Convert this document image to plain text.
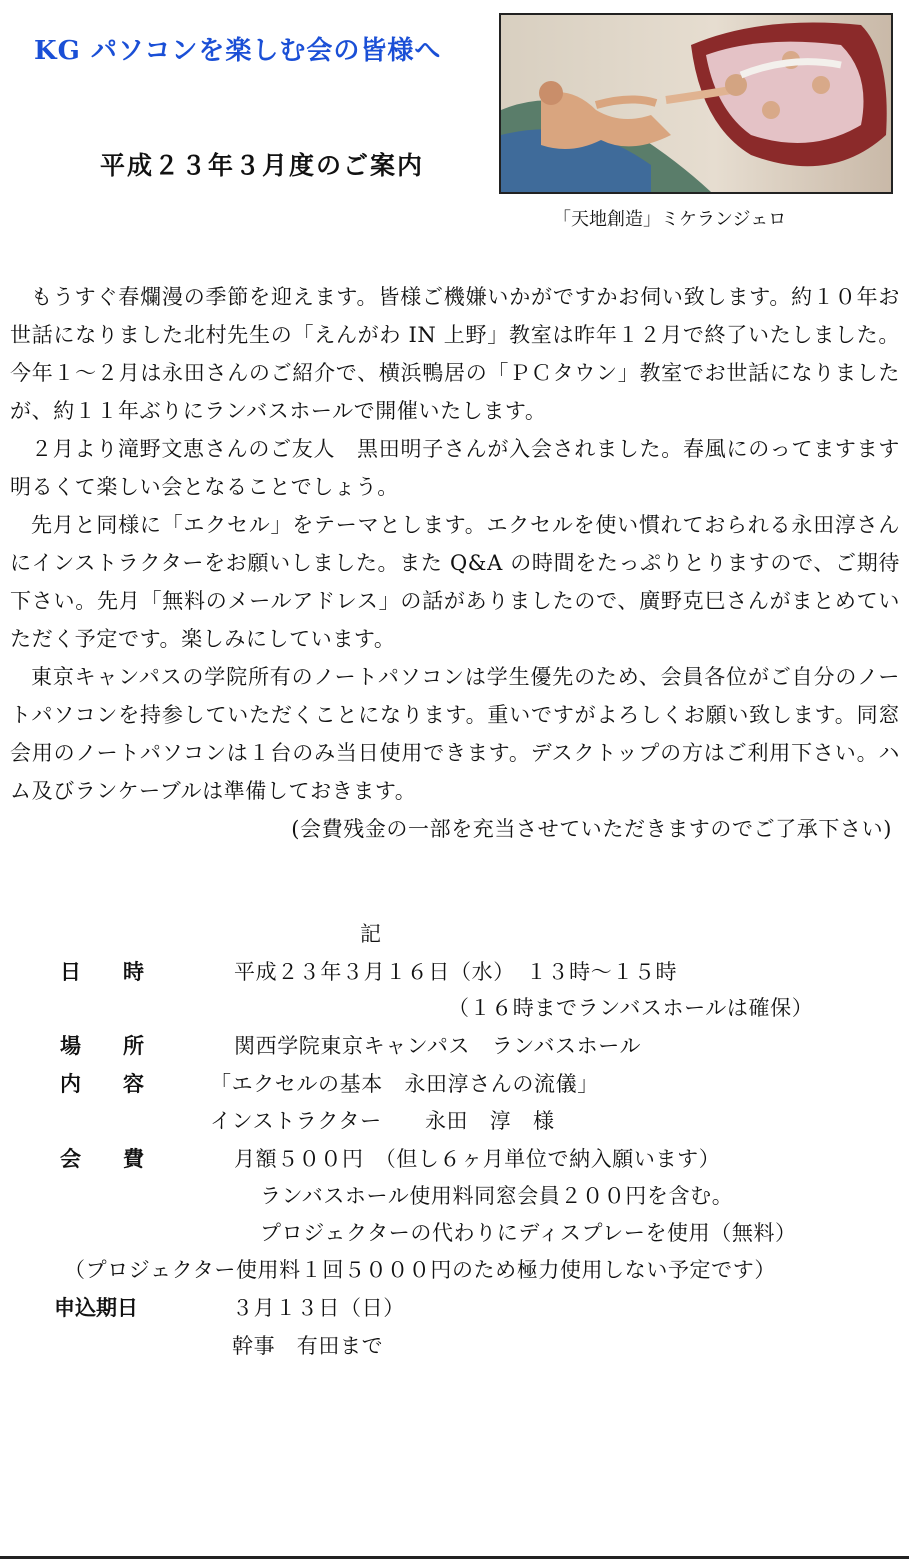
KG パソコンを楽しむ会の皆様へ
平成２３年３月度のご案内
「天地創造」ミケランジェロ

もうすぐ春爛漫の季節を迎えます。皆様ご機嫌いかがですかお伺い致します。約１０年お世話になりました北村先生の「えんがわ IN 上野」教室は昨年１２月で終了いたしました。今年１～２月は永田さんのご紹介で、横浜鴨居の「ＰＣタウン」教室でお世話になりましたが、約１１年ぶりにランバスホールで開催いたします。

２月より滝野文恵さんのご友人　黒田明子さんが入会されました。春風にのってますます明るくて楽しい会となることでしょう。

先月と同様に「エクセル」をテーマとします。エクセルを使い慣れておられる永田淳さんにインストラクターをお願いしました。また Q&A の時間をたっぷりとりますので、ご期待下さい。先月「無料のメールアドレス」の話がありましたので、廣野克巳さんがまとめていただく予定です。楽しみにしています。

東京キャンパスの学院所有のノートパソコンは学生優先のため、会員各位がご自分のノートパソコンを持参していただくことになります。重いですがよろしくお願い致します。同窓会用のノートパソコンは１台のみ当日使用できます。デスクトップの方はご利用下さい。ハム及びランケーブルは準備しておきます。

(会費残金の一部を充当させていただきますのでご了承下さい)

記
日　　時	平成２３年３月１６日（水）　１３時～１５時
（１６時までランバスホールは確保）
場　　所	関西学院東京キャンパス　ランバスホール
内　　容	「エクセルの基本　永田淳さんの流儀」
インストラクター　　永田　淳　様
会　　費	月額５００円　（但し６ヶ月単位で納入願います）
ランバスホール使用料同窓会員２００円を含む。
プロジェクターの代わりにディスプレーを使用（無料）
（プロジェクター使用料１回５０００円のため極力使用しない予定です）
申込期日	３月１３日（日）
幹事　有田まで
